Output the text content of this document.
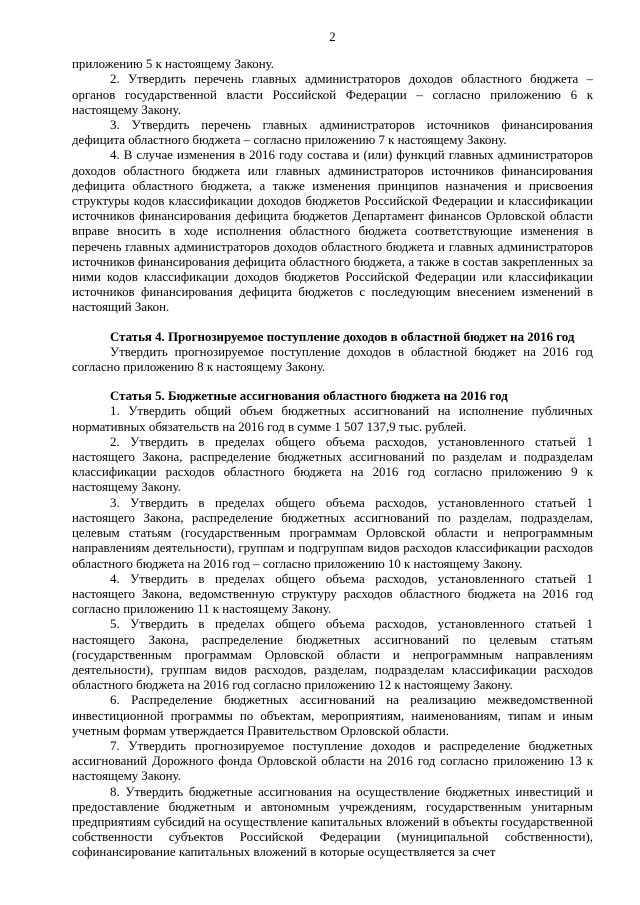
2

приложению 5 к настоящему Закону.

2. Утвердить перечень главных администраторов доходов областного бюджета – органов государственной власти Российской Федерации – согласно приложению 6 к настоящему Закону.

3. Утвердить перечень главных администраторов источников финансирования дефицита областного бюджета – согласно приложению 7 к настоящему Закону.

4. В случае изменения в 2016 году состава и (или) функций главных администраторов доходов областного бюджета или главных администраторов источников финансирования дефицита областного бюджета, а также изменения принципов назначения и присвоения структуры кодов классификации доходов бюджетов Российской Федерации и классификации источников финансирования дефицита бюджетов Департамент финансов Орловской области вправе вносить в ходе исполнения областного бюджета соответствующие изменения в перечень главных администраторов доходов областного бюджета и главных администраторов источников финансирования дефицита областного бюджета, а также в состав закрепленных за ними кодов классификации доходов бюджетов Российской Федерации или классификации источников финансирования дефицита бюджетов с последующим внесением изменений в настоящий Закон.

Статья 4. Прогнозируемое поступление доходов в областной бюджет на 2016 год

Утвердить прогнозируемое поступление доходов в областной бюджет на 2016 год согласно приложению 8 к настоящему Закону.

Статья 5. Бюджетные ассигнования областного бюджета на 2016 год

1. Утвердить общий объем бюджетных ассигнований на исполнение публичных нормативных обязательств на 2016 год в сумме 1 507 137,9 тыс. рублей.

2. Утвердить в пределах общего объема расходов, установленного статьей 1 настоящего Закона, распределение бюджетных ассигнований по разделам и подразделам классификации расходов областного бюджета на 2016 год согласно приложению 9 к настоящему Закону.

3. Утвердить в пределах общего объема расходов, установленного статьей 1 настоящего Закона, распределение бюджетных ассигнований по разделам, подразделам, целевым статьям (государственным программам Орловской области и непрограммным направлениям деятельности), группам и подгруппам видов расходов классификации расходов областного бюджета на 2016 год – согласно приложению 10 к настоящему Закону.

4. Утвердить в пределах общего объема расходов, установленного статьей 1 настоящего Закона, ведомственную структуру расходов областного бюджета на 2016 год согласно приложению 11 к настоящему Закону.

5. Утвердить в пределах общего объема расходов, установленного статьей 1 настоящего Закона, распределение бюджетных ассигнований по целевым статьям (государственным программам Орловской области и непрограммным направлениям деятельности), группам видов расходов, разделам, подразделам классификации расходов областного бюджета на 2016 год согласно приложению 12 к настоящему Закону.

6. Распределение бюджетных ассигнований на реализацию межведомственной инвестиционной программы по объектам, мероприятиям, наименованиям, типам и иным учетным формам утверждается Правительством Орловской области.

7. Утвердить прогнозируемое поступление доходов и распределение бюджетных ассигнований Дорожного фонда Орловской области на 2016 год согласно приложению 13 к настоящему Закону.

8. Утвердить бюджетные ассигнования на осуществление бюджетных инвестиций и предоставление бюджетным и автономным учреждениям, государственным унитарным предприятиям субсидий на осуществление капитальных вложений в объекты государственной собственности субъектов Российской Федерации (муниципальной собственности), софинансирование капитальных вложений в которые осуществляется за счет
